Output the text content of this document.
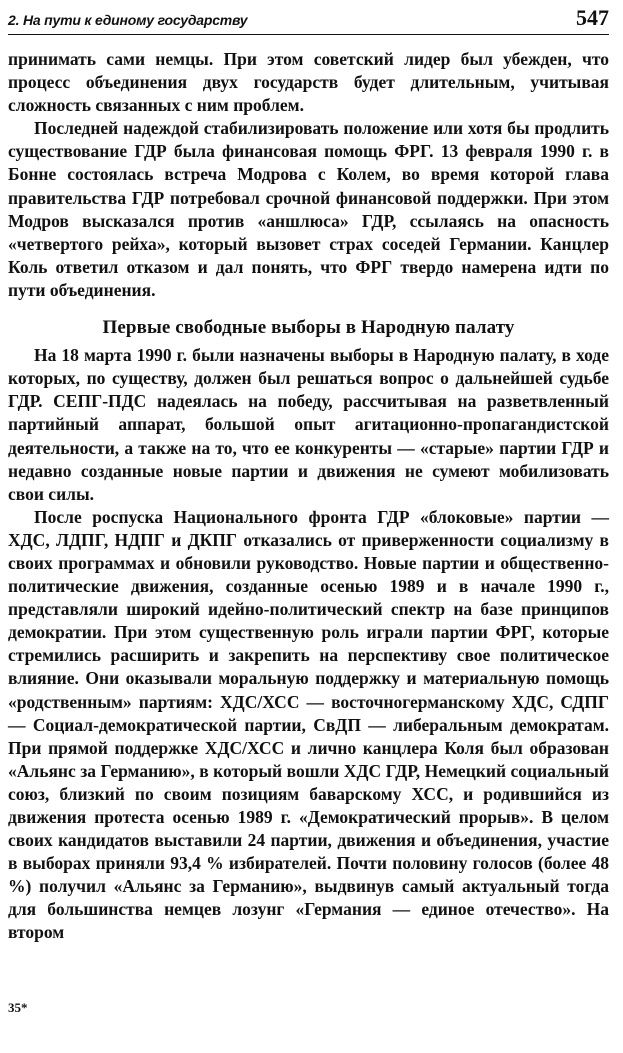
2. На пути к единому государству	547

принимать сами немцы. При этом советский лидер был убежден, что процесс объединения двух государств будет длительным, учитывая сложность связанных с ним проблем.

Последней надеждой стабилизировать положение или хотя бы продлить существование ГДР была финансовая помощь ФРГ. 13 февраля 1990 г. в Бонне состоялась встреча Модрова с Колем, во время которой глава правительства ГДР потребовал срочной финансовой поддержки. При этом Модров высказался против «аншлюса» ГДР, ссылаясь на опасность «четвертого рейха», который вызовет страх соседей Германии. Канцлер Коль ответил отказом и дал понять, что ФРГ твердо намерена идти по пути объединения.

Первые свободные выборы в Народную палату

На 18 марта 1990 г. были назначены выборы в Народную палату, в ходе которых, по существу, должен был решаться вопрос о дальнейшей судьбе ГДР. СЕПГ-ПДС надеялась на победу, рассчитывая на разветвленный партийный аппарат, большой опыт агитационно-пропагандистской деятельности, а также на то, что ее конкуренты — «старые» партии ГДР и недавно созданные новые партии и движения не сумеют мобилизовать свои силы.

После роспуска Национального фронта ГДР «блоковые» партии — ХДС, ЛДПГ, НДПГ и ДКПГ отказались от приверженности социализму в своих программах и обновили руководство. Новые партии и общественно-политические движения, созданные осенью 1989 и в начале 1990 г., представляли широкий идейно-политический спектр на базе принципов демократии. При этом существенную роль играли партии ФРГ, которые стремились расширить и закрепить на перспективу свое политическое влияние. Они оказывали моральную поддержку и материальную помощь «родственным» партиям: ХДС/ХСС — восточногерманскому ХДС, СДПГ — Социал-демократической партии, СвДП — либеральным демократам. При прямой поддержке ХДС/ХСС и лично канцлера Коля был образован «Альянс за Германию», в который вошли ХДС ГДР, Немецкий социальный союз, близкий по своим позициям баварскому ХСС, и родившийся из движения протеста осенью 1989 г. «Демократический прорыв». В целом своих кандидатов выставили 24 партии, движения и объединения, участие в выборах приняли 93,4 % избирателей. Почти половину голосов (более 48 %) получил «Альянс за Германию», выдвинув самый актуальный тогда для большинства немцев лозунг «Германия — единое отечество». На втором

35*
